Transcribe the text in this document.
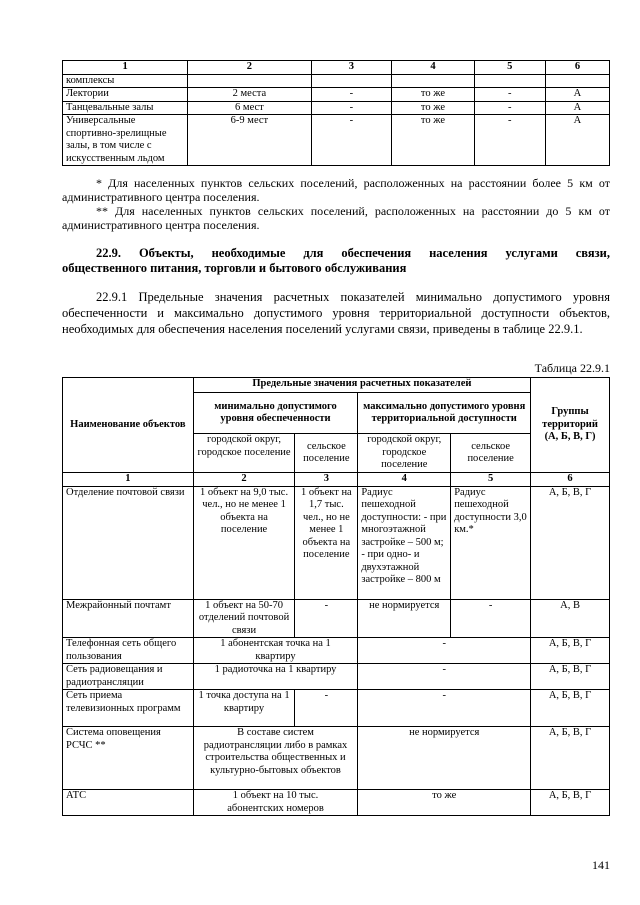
1	2	3	4	5	6
комплексы					
Лектории	2 места	-	то же	-	А
Танцевальные залы	6 мест	-	то же	-	А
Универсальные спортивно-зрелищные залы, в том числе с искусственным льдом	6-9 мест	-	то же	-	А
* Для населенных пунктов сельских поселений, расположенных на расстоянии более 5 км от
административного центра поселения.
** Для населенных пунктов сельских поселений, расположенных на расстоянии до 5 км от
административного центра поселения.
22.9. Объекты, необходимые для обеспечения населения услугами связи,
общественного питания, торговли и бытового обслуживания
22.9.1 Предельные значения расчетных показателей минимально допустимого уровня
обеспеченности и максимально допустимого уровня территориальной доступности объектов,
необходимых для обеспечения населения поселений услугами связи, приведены в таблице 22.9.1.
Таблица 22.9.1
Наименование объектов	Предельные значения расчетных показателей				Группы территорий (А, Б, В, Г)
	минимально допустимого уровня обеспеченности		максимально допустимого уровня территориальной доступности		
	городской округ, городское поселение	сельское поселение	городской округ, городское поселение	сельское поселение	
1	2	3	4	5	6
Отделение почтовой связи	1 объект на 9,0 тыс. чел., но не менее 1 объекта на поселение	1 объект на 1,7 тыс. чел., но не менее 1 объекта на поселение	Радиус пешеходной доступности: - при многоэтажной застройке – 500 м; - при одно- и двухэтажной застройке – 800 м	Радиус пешеходной доступности 3,0 км.*	А, Б, В, Г
Межрайонный почтамт	1 объект на 50-70 отделений почтовой связи	-	не нормируется	-	А, В
Телефонная сеть общего пользования	1 абонентская точка на 1 квартиру		-		А, Б, В, Г
Сеть радиовещания и радиотрансляции	1 радиоточка на 1 квартиру		-		А, Б, В, Г
Сеть приема телевизионных программ	1 точка доступа на 1 квартиру	-	-		А, Б, В, Г
Система оповещения РСЧС **	В составе систем радиотрансляции либо в рамках строительства общественных и культурно-бытовых объектов		не нормируется		А, Б, В, Г
АТС	1 объект на 10 тыс. абонентских номеров		то же		А, Б, В, Г
141
